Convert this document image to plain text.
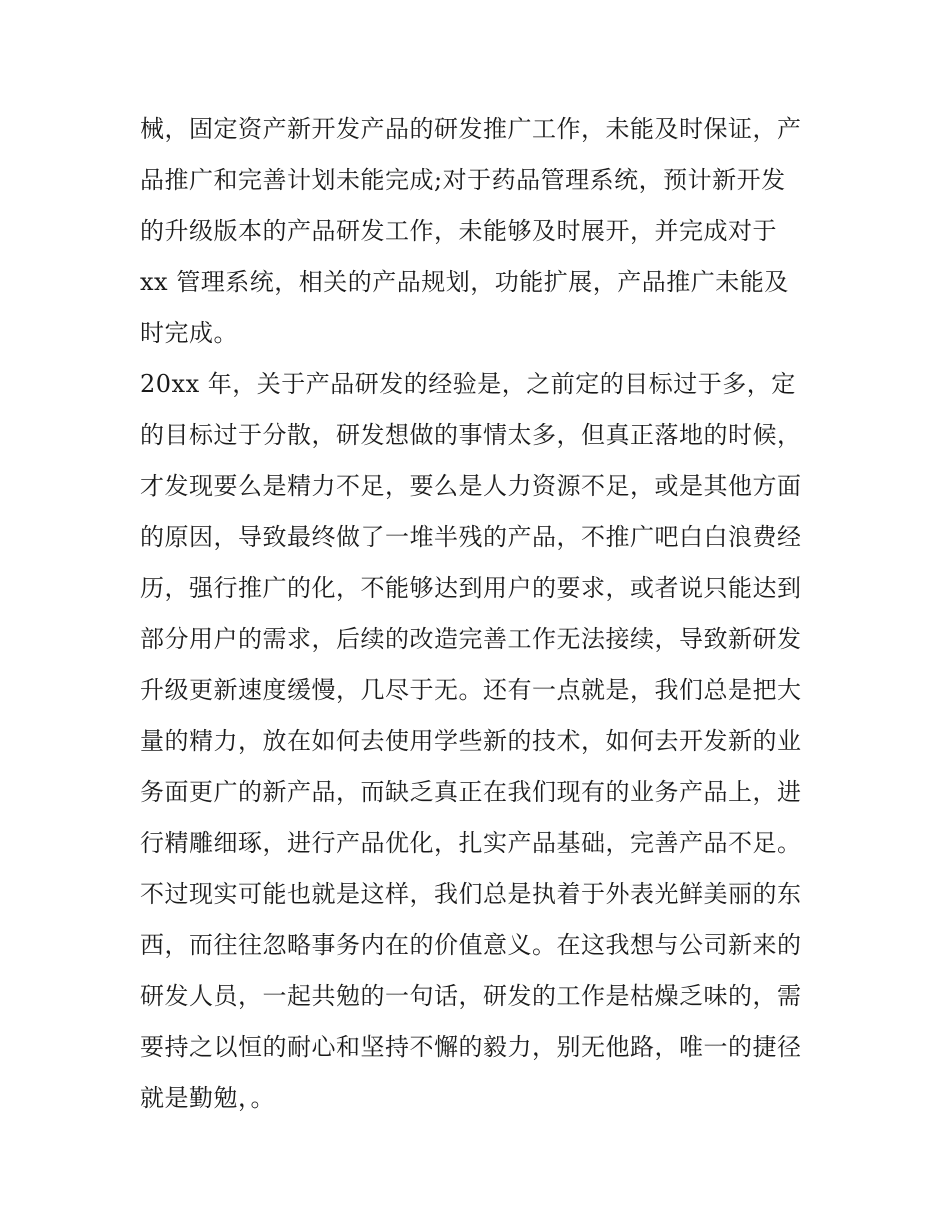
械，固定资产新开发产品的研发推广工作，未能及时保证，产
品推广和完善计划未能完成;对于药品管理系统，预计新开发
的升级版本的产品研发工作，未能够及时展开，并完成对于
xx 管理系统，相关的产品规划，功能扩展，产品推广未能及
时完成。
20xx 年，关于产品研发的经验是，之前定的目标过于多，定
的目标过于分散，研发想做的事情太多，但真正落地的时候，
才发现要么是精力不足，要么是人力资源不足，或是其他方面
的原因，导致最终做了一堆半残的产品，不推广吧白白浪费经
历，强行推广的化，不能够达到用户的要求，或者说只能达到
部分用户的需求，后续的改造完善工作无法接续，导致新研发
升级更新速度缓慢，几尽于无。还有一点就是，我们总是把大
量的精力，放在如何去使用学些新的技术，如何去开发新的业
务面更广的新产品，而缺乏真正在我们现有的业务产品上，进
行精雕细琢，进行产品优化，扎实产品基础，完善产品不足。
不过现实可能也就是这样，我们总是执着于外表光鲜美丽的东
西，而往往忽略事务内在的价值意义。在这我想与公司新来的
研发人员，一起共勉的一句话，研发的工作是枯燥乏味的，需
要持之以恒的耐心和坚持不懈的毅力，别无他路，唯一的捷径
就是勤勉，。
